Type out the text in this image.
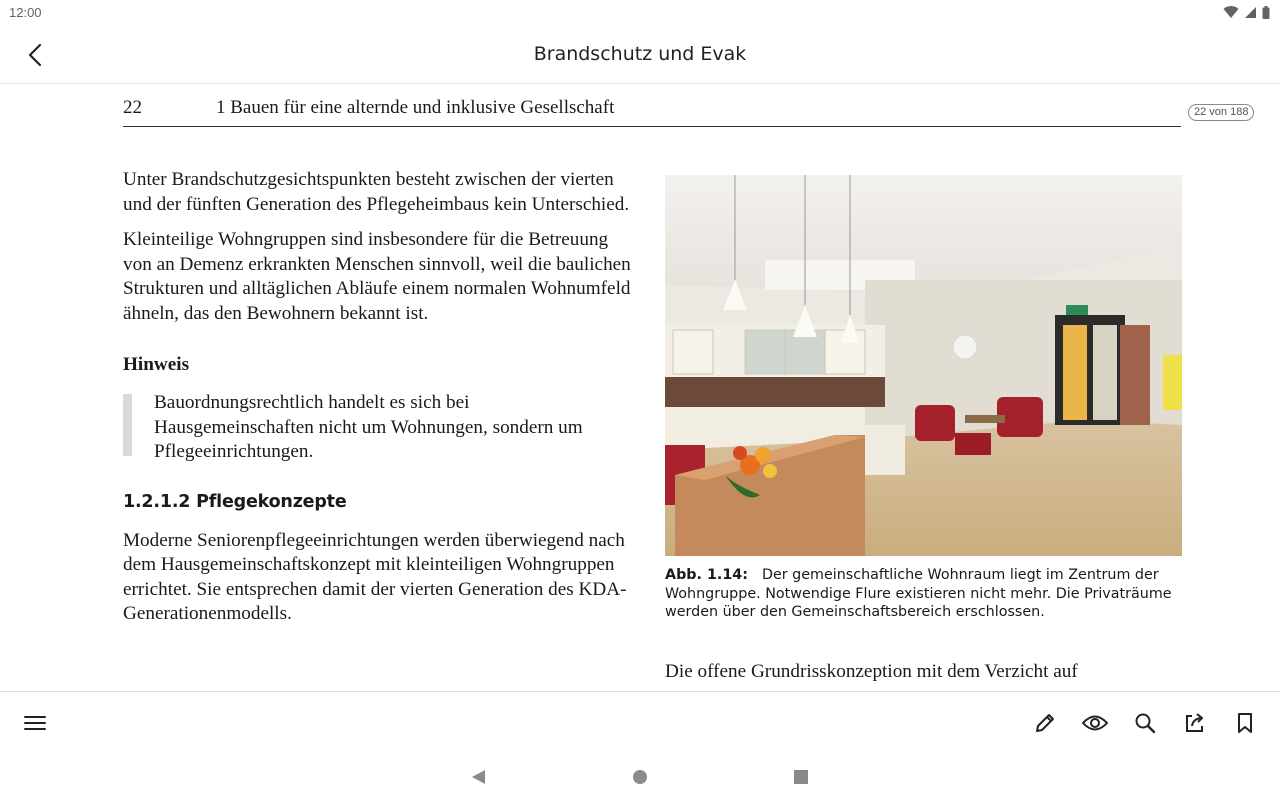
12:00
Brandschutz und Evak
22	1 Bauen für eine alternde und inklusive Gesellschaft	22 von 188

Unter Brandschutzgesichtspunkten besteht zwischen der vierten und der fünften Generation des Pflegeheimbaus kein Unterschied.

Kleinteilige Wohngruppen sind insbesondere für die Betreuung von an Demenz erkrankten Menschen sinnvoll, weil die baulichen Strukturen und alltäglichen Abläufe einem normalen Wohnumfeld ähneln, das den Bewohnern bekannt ist.

Hinweis
Bauordnungsrechtlich handelt es sich bei Hausgemeinschaften nicht um Wohnungen, sondern um Pflegeeinrichtungen.
1.2.1.2 Pflegekonzepte

Moderne Seniorenpflegeeinrichtungen werden überwiegend nach dem Hausgemeinschaftskonzept mit kleinteiligen Wohngruppen errichtet. Sie entsprechen damit der vierten Generation des KDA-Generationenmodells.

Abb. 1.14: Der gemeinschaftliche Wohnraum liegt im Zentrum der Wohngruppe. Notwendige Flure existieren nicht mehr. Die Privaträume werden über den Gemeinschaftsbereich erschlossen.

Die offene Grundrisskonzeption mit dem Verzicht auf
